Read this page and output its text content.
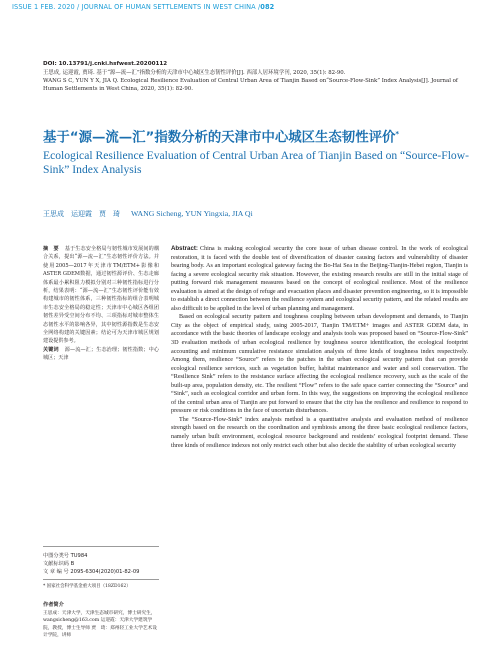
ISSUE 1 FEB. 2020 / JOURNAL OF HUMAN SETTLEMENTS IN WEST CHINA /082
DOI: 10.13791/j.cnki.hsfwest.20200112
王思成, 运迎霞, 贾琦. 基于“源—流—汇”指数分析的天津市中心城区生态韧性评价[J]. 西部人居环境学刊, 2020, 35(1): 82-90.
WANG S C, YUN Y X, JIA Q. Ecological Resilience Evaluation of Central Urban Area of Tianjin Based on“Source-Flow-Sink” Index Analysis[J]. Journal of Human Settlements in West China, 2020, 35(1): 82-90.
基于“源—流—汇”指数分析的天津市中心城区生态韧性评价*
Ecological Resilience Evaluation of Central Urban Area of Tianjin Based on “Source-Flow-Sink” Index Analysis
王思成　运迎霞　贾　琦 WANG Sicheng, YUN Yingxia, JIA Qi
摘　要 基于生态安全格局与韧性城市发展间的耦合关系，提出“源—流—汇”生态韧性评价方法。并使用2005—2017年天津市TM/ETM+影像和ASTER GDEM数据，通过韧性源评价、生态走廊体系最小累积阻力模拟分别对三种韧性指标进行分析，结果表明：“源—流—汇”生态韧性评价能有效构建城市的韧性体系，三种韧性指标的组合表明城市生态安全格局的稳定性；天津市中心城区各组团韧性差异受空间分布不均、三项指标对城市整体生态韧性水平的影响各异，其中韧性源指数是生态安全网络构建的关键因素；结论可为天津市城区规划建设提供参考。
关键词 源—流—汇；生态治理；韧性指数；中心城区；天津
中图分类号 TU984
文献标识码 B
文 章 编 号 2095-6304(2020)01-82-09
* 国家社会科学基金重大项目（18ZD162）
作者简介
王思成：天津大学，天津生态城市研究，博士研究生，wangsicheng@163.com 运迎霞：天津大学建筑学院，教授，博士生导师 贾　琦：郑州轻工业大学艺术设计学院，讲师

Abstract: China is making ecological security the core issue of urban disease control. In the work of ecological restoration, it is faced with the double test of diversification of disaster causing factors and vulnerability of disaster bearing body. As an important ecological gateway facing the Bo-Hai Sea in the Beijing-Tianjin-Hebei region, Tianjin is facing a severe ecological security risk situation. However, the existing research results are still in the initial stage of putting forward risk management measures based on the concept of ecological resilience. Most of the resilience evaluation is aimed at the design of refuge and evacuation places and disaster prevention engineering, so it is impossible to establish a direct connection between the resilience system and ecological security pattern, and the related results are also difficult to be applied in the level of urban planning and management.

Based on ecological security pattern and toughness coupling between urban development and demands, to Tianjin City as the object of empirical study, using 2005-2017, Tianjin TM/ETM+ images and ASTER GDEM data, in accordance with the basic theories of landscape ecology and analysis tools was proposed based on “Source-Flow-Sink” 3D evaluation methods of urban ecological resilience by toughness source identification, the ecological footprint accounting and minimum cumulative resistance simulation analysis of three kinds of toughness index respectively. Among them, resilience “Source” refers to the patches in the urban ecological security pattern that can provide ecological resilience services, such as vegetation buffer, habitat maintenance and water and soil conservation. The “Resilience Sink” refers to the resistance surface affecting the ecological resilience recovery, such as the scale of the built-up area, population density, etc. The resilient “Flow” refers to the safe space carrier connecting the “Source” and “Sink”, such as ecological corridor and urban form. In this way, the suggestions on improving the ecological resilience of the central urban area of Tianjin are put forward to ensure that the city has the resilience and resilience to respond to pressure or risk conditions in the face of uncertain disturbances.

The “Source-Flow-Sink” index analysis method is a quantitative analysis and evaluation method of resilience strength based on the research on the coordination and symbiosis among the three basic ecological resilience factors, namely urban built environment, ecological resource background and residents’ ecological footprint demand. These three kinds of resilience indexes not only restrict each other but also decide the stability of urban ecological security
